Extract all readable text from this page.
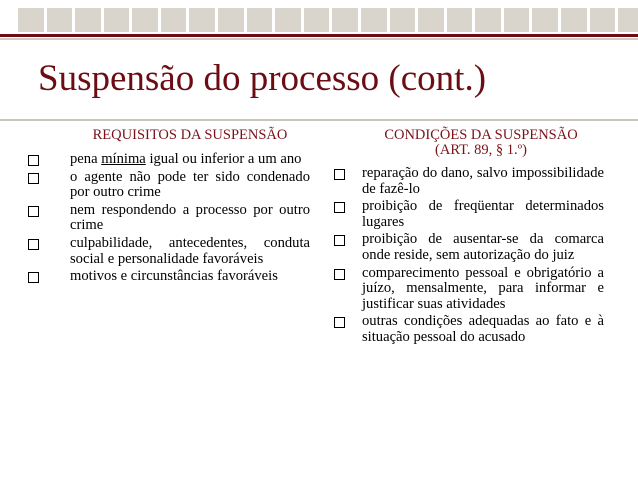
Suspensão do processo (cont.)
REQUISITOS DA SUSPENSÃO
pena mínima igual ou inferior a um ano
o agente não pode ter sido condenado por outro crime
nem respondendo a processo por outro crime
culpabilidade, antecedentes, conduta social e personalidade favoráveis
motivos e circunstâncias favoráveis
CONDIÇÕES DA SUSPENSÃO
(ART. 89, § 1.º)
reparação do dano, salvo impossibilidade de fazê-lo
proibição de freqüentar determinados lugares
proibição de ausentar-se da comarca onde reside, sem autorização do juiz
comparecimento pessoal e obrigatório a juízo, mensalmente, para informar e justificar suas atividades
outras condições adequadas ao fato e à situação pessoal do acusado
